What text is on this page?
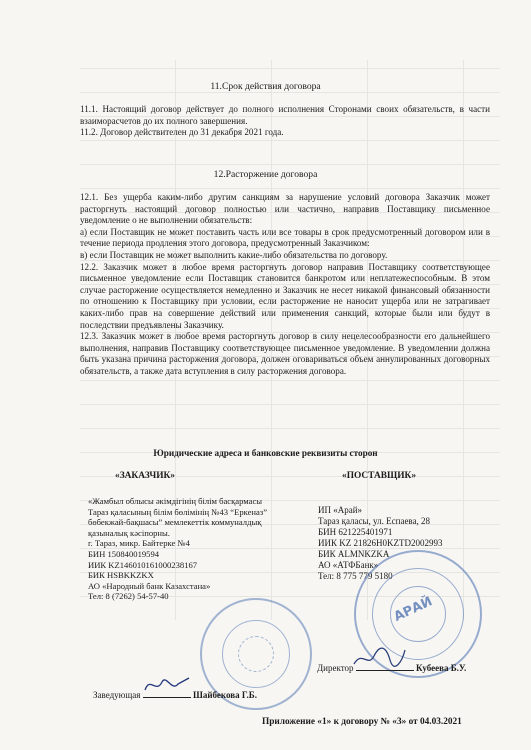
11.Срок действия договора

11.1. Настоящий договор действует до полного исполнения Сторонами своих обязательств, в части взаиморасчетов до их полного завершения.

11.2. Договор действителен до 31 декабря 2021 года.

12.Расторжение договора

12.1. Без ущерба каким-либо другим санкциям за нарушение условий договора Заказчик может расторгнуть настоящий договор полностью или частично, направив Поставщику письменное уведомление о не выполнении обязательств:

а) если Поставщик не может поставить часть или все товары в срок предусмотренный договором или в течение периода продления этого договора, предусмотренный Заказчиком:

в) если Поставщик не может выполнить какие-либо обязательства по договору.

12.2. Заказчик может в любое время расторгнуть договор направив Поставщику соответствующее письменное уведомление если Поставщик становится банкротом или неплатежеспособным. В этом случае расторжение осуществляется немедленно и Заказчик не несет никакой финансовый обязанности по отношению к Поставщику при условии, если расторжение не наносит ущерба или не затрагивает каких-либо прав на совершение действий или применения санкций, которые были или будут в последствии предъявлены Заказчику.

12.3. Заказчик может в любое время расторгнуть договор в силу нецелесообразности его дальнейшего выполнения, направив Поставщику соответствующее письменное уведомление. В уведомлении должна быть указана причина расторжения договора, должен оговариваться объем аннулированных договорных обязательств, а также дата вступления в силу расторжения договора.

Юридические адреса и банковские реквизиты сторон
«ЗАКАЗЧИК»	«ПОСТАВЩИК»
«Жамбыл облысы әкімдігінің білім басқармасы
Тараз қаласының білім бөлімінің №43 “Еркеназ”
бөбекжай-бақшасы” мемлекеттік коммуналдық
қазыналық кәсіпорны.
г. Тараз, микр. Байтерке №4
БИН 150840019594
ИИК KZ146010161000238167
БИК HSBKKZKX
АО «Народный банк Казахстана»
Тел: 8 (7262) 54-57-40
ИП «Арай»
Тараз қаласы, ул. Еспаева, 28
БИН 621225401971
ИИК KZ 21826H0KZTD2002993
БИК ALMNKZKA
АО «АТФБанк»
Тел: 8 775 779 5180
АРАЙ
Директор	Кубеева Б.У.
Заведующая	Шайбекова Г.Б.
Приложение «1» к договору № «3» от 04.03.2021
